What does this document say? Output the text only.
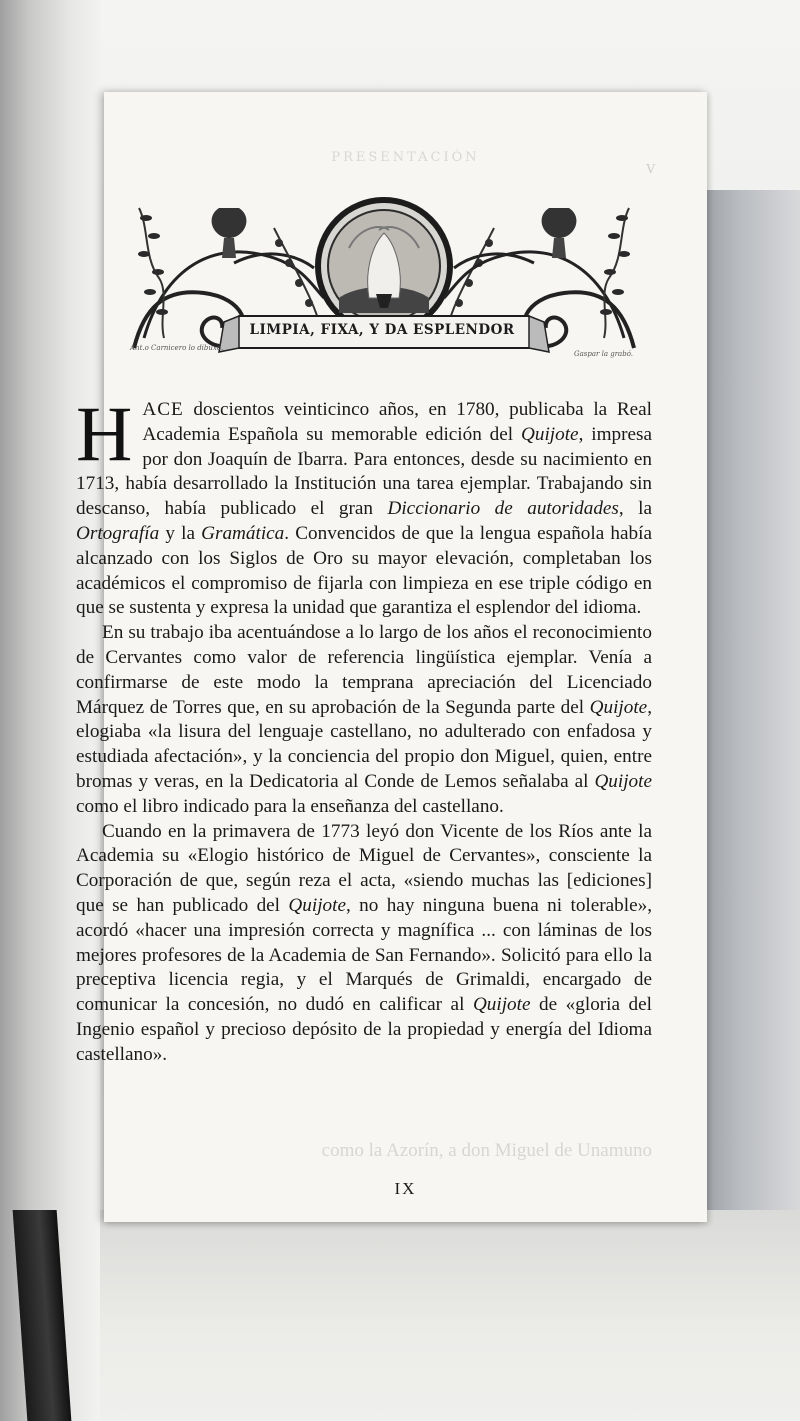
PRESENTACIÓN
V
LIMPIA, FIXA, Y DA ESPLENDOR
Ant.o Carnicero lo dibuxó.
Gaspar la grabó.
H ACE doscientos veinticinco años, en 1780, publicaba la Real Academia Española su memorable edición del Quijote, impresa por don Joaquín de Ibarra. Para entonces, desde su nacimiento en 1713, había desarrollado la Institución una tarea ejemplar. Trabajando sin descanso, había publicado el gran Diccionario de autoridades, la Ortografía y la Gramática. Convencidos de que la lengua española había alcanzado con los Siglos de Oro su mayor elevación, completaban los académicos el compromiso de fijarla con limpieza en ese triple código en que se sustenta y expresa la unidad que garantiza el esplendor del idioma.

En su trabajo iba acentuándose a lo largo de los años el reconocimiento de Cervantes como valor de referencia lingüística ejemplar. Venía a confirmarse de este modo la temprana apreciación del Licenciado Márquez de Torres que, en su aprobación de la Segunda parte del Quijote, elogiaba «la lisura del lenguaje castellano, no adulterado con enfadosa y estudiada afectación», y la conciencia del propio don Miguel, quien, entre bromas y veras, en la Dedicatoria al Conde de Lemos señalaba al Quijote como el libro indicado para la enseñanza del castellano.

Cuando en la primavera de 1773 leyó don Vicente de los Ríos ante la Academia su «Elogio histórico de Miguel de Cervantes», consciente la Corporación de que, según reza el acta, «siendo muchas las [ediciones] que se han publicado del Quijote, no hay ninguna buena ni tolerable», acordó «hacer una impresión correcta y magnífica ... con láminas de los mejores profesores de la Academia de San Fernando». Solicitó para ello la preceptiva licencia regia, y el Marqués de Grimaldi, encargado de comunicar la concesión, no dudó en calificar al Quijote de «gloria del Ingenio español y precioso depósito de la propiedad y energía del Idioma castellano».

como la Azorín, a don Miguel de Unamuno
IX
